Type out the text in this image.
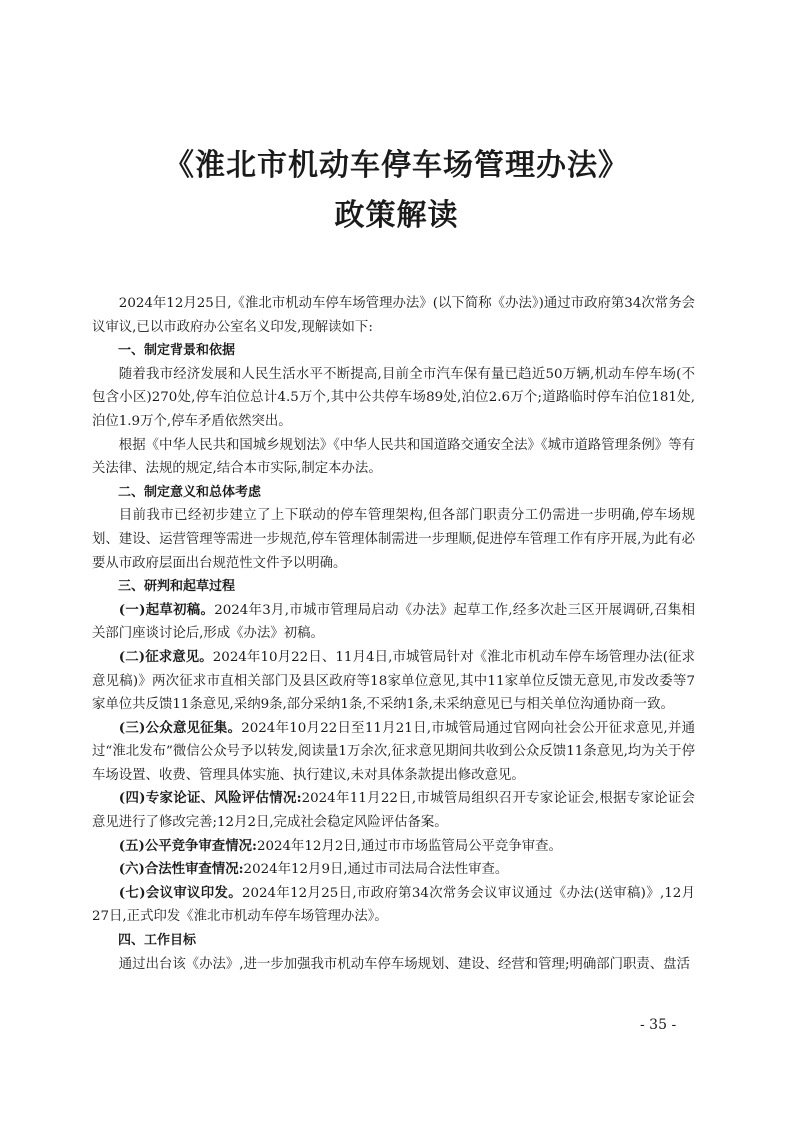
《淮北市机动车停车场管理办法》
政策解读

2024年12月25日,《淮北市机动车停车场管理办法》(以下简称《办法》)通过市政府第34次常务会议审议,已以市政府办公室名义印发,现解读如下:

一、制定背景和依据

随着我市经济发展和人民生活水平不断提高,目前全市汽车保有量已趋近50万辆,机动车停车场(不包含小区)270处,停车泊位总计4.5万个,其中公共停车场89处,泊位2.6万个;道路临时停车泊位181处,泊位1.9万个,停车矛盾依然突出。

根据《中华人民共和国城乡规划法》《中华人民共和国道路交通安全法》《城市道路管理条例》等有关法律、法规的规定,结合本市实际,制定本办法。

二、制定意义和总体考虑

目前我市已经初步建立了上下联动的停车管理架构,但各部门职责分工仍需进一步明确,停车场规划、建设、运营管理等需进一步规范,停车管理体制需进一步理顺,促进停车管理工作有序开展,为此有必要从市政府层面出台规范性文件予以明确。

三、研判和起草过程

(一)起草初稿。2024年3月,市城市管理局启动《办法》起草工作,经多次赴三区开展调研,召集相关部门座谈讨论后,形成《办法》初稿。

(二)征求意见。2024年10月22日、11月4日,市城管局针对《淮北市机动车停车场管理办法(征求意见稿)》两次征求市直相关部门及县区政府等18家单位意见,其中11家单位反馈无意见,市发改委等7家单位共反馈11条意见,采纳9条,部分采纳1条,不采纳1条,未采纳意见已与相关单位沟通协商一致。

(三)公众意见征集。2024年10月22日至11月21日,市城管局通过官网向社会公开征求意见,并通过“淮北发布”微信公众号予以转发,阅读量1万余次,征求意见期间共收到公众反馈11条意见,均为关于停车场设置、收费、管理具体实施、执行建议,未对具体条款提出修改意见。

(四)专家论证、风险评估情况:2024年11月22日,市城管局组织召开专家论证会,根据专家论证会意见进行了修改完善;12月2日,完成社会稳定风险评估备案。

(五)公平竞争审查情况:2024年12月2日,通过市市场监管局公平竞争审查。

(六)合法性审查情况:2024年12月9日,通过市司法局合法性审查。

(七)会议审议印发。2024年12月25日,市政府第34次常务会议审议通过《办法(送审稿)》,12月27日,正式印发《淮北市机动车停车场管理办法》。

四、工作目标

通过出台该《办法》,进一步加强我市机动车停车场规划、建设、经营和管理;明确部门职责、盘活

- 35 -
